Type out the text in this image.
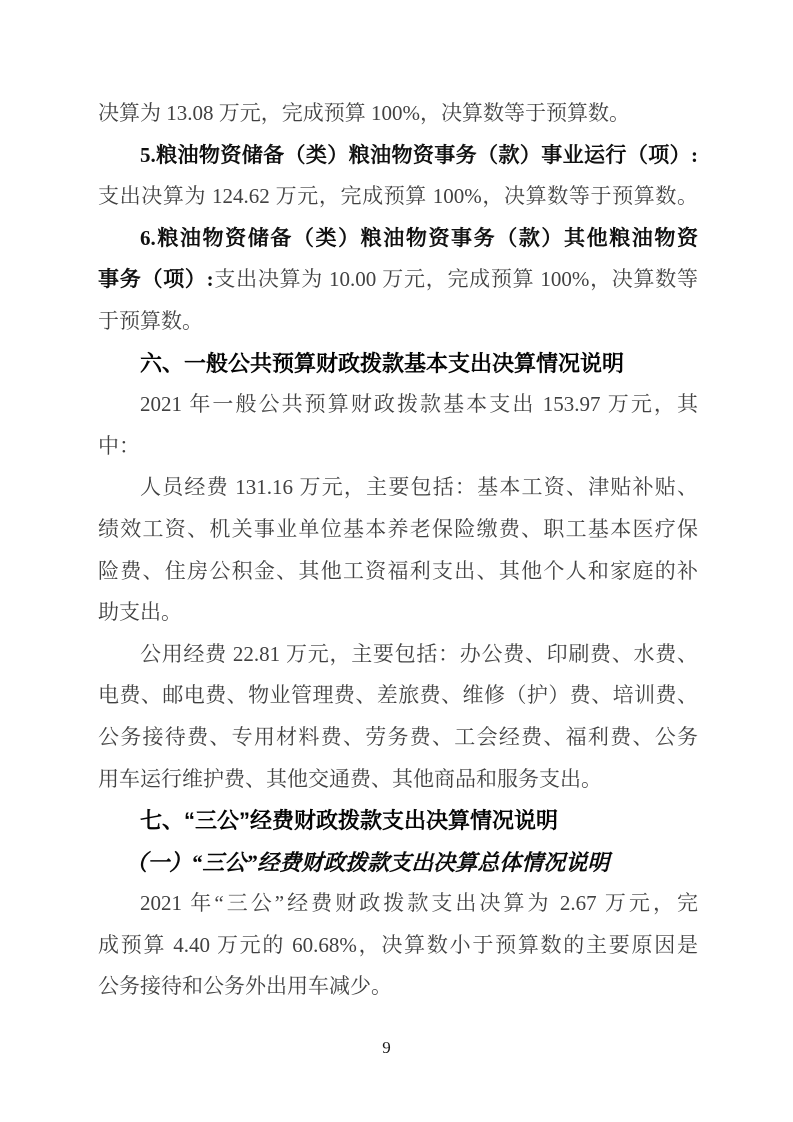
决算为 13.08 万元，完成预算 100%，决算数等于预算数。
5.粮油物资储备（类）粮油物资事务（款）事业运行（项）:
支出决算为 124.62 万元，完成预算 100%，决算数等于预算数。
6.粮油物资储备（类）粮油物资事务（款）其他粮油物资
事务（项）:支出决算为 10.00 万元，完成预算 100%，决算数等
于预算数。
六、一般公共预算财政拨款基本支出决算情况说明
2021 年一般公共预算财政拨款基本支出 153.97 万元，其
中：
人员经费 131.16 万元，主要包括：基本工资、津贴补贴、
绩效工资、机关事业单位基本养老保险缴费、职工基本医疗保
险费、住房公积金、其他工资福利支出、其他个人和家庭的补
助支出。
公用经费 22.81 万元，主要包括：办公费、印刷费、水费、
电费、邮电费、物业管理费、差旅费、维修（护）费、培训费、
公务接待费、专用材料费、劳务费、工会经费、福利费、公务
用车运行维护费、其他交通费、其他商品和服务支出。
七、“三公”经费财政拨款支出决算情况说明
（一）“三公”经费财政拨款支出决算总体情况说明
2021 年“三公”经费财政拨款支出决算为 2.67 万元，完
成预算 4.40 万元的 60.68%，决算数小于预算数的主要原因是
公务接待和公务外出用车减少。
9
